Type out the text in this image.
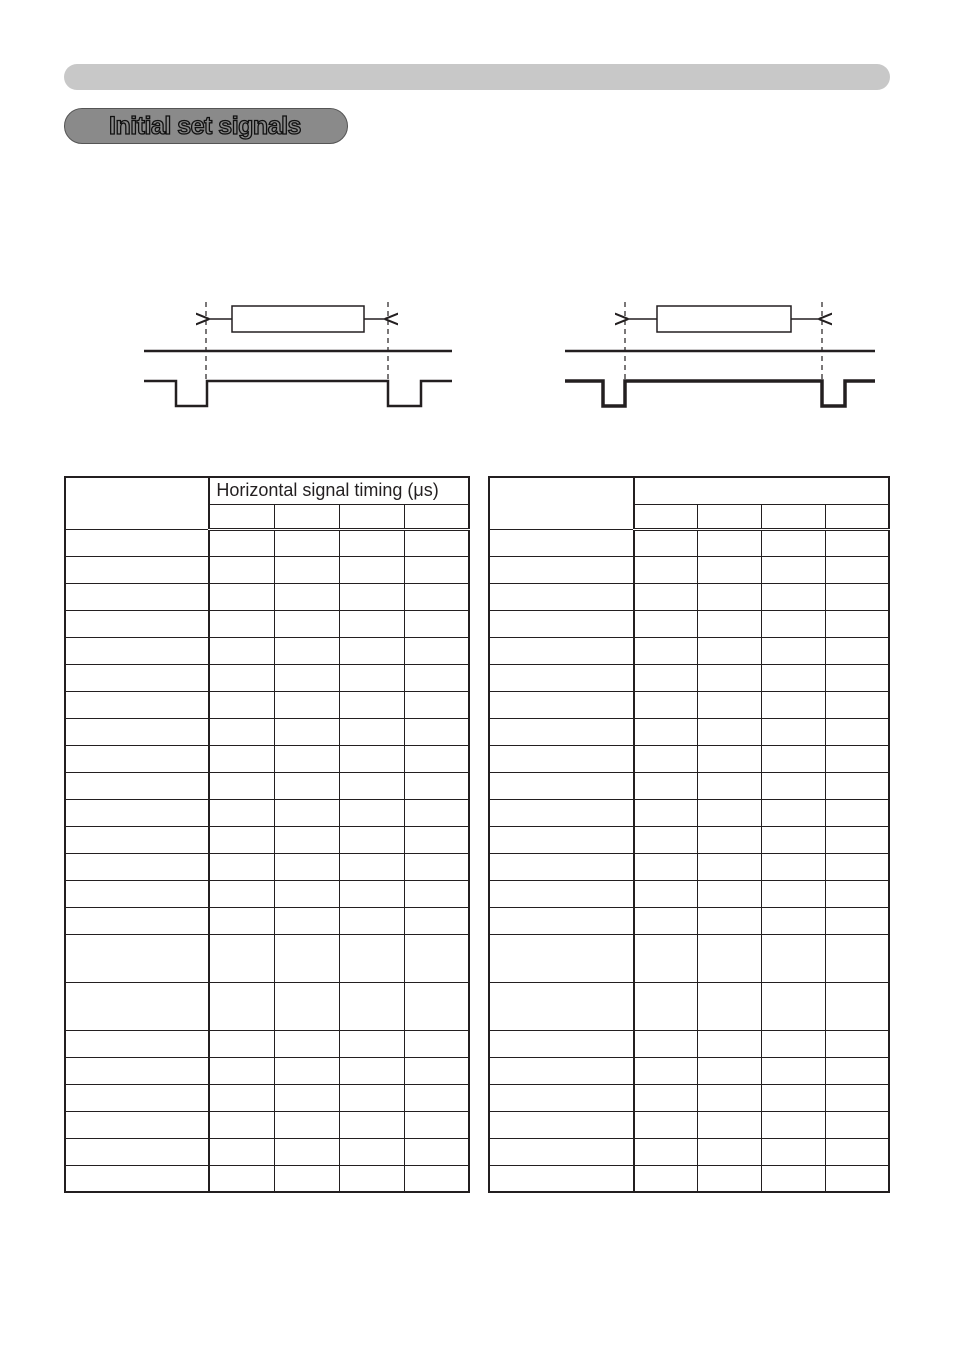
Initial set signals

	Horizontal signal timing (μs)			
